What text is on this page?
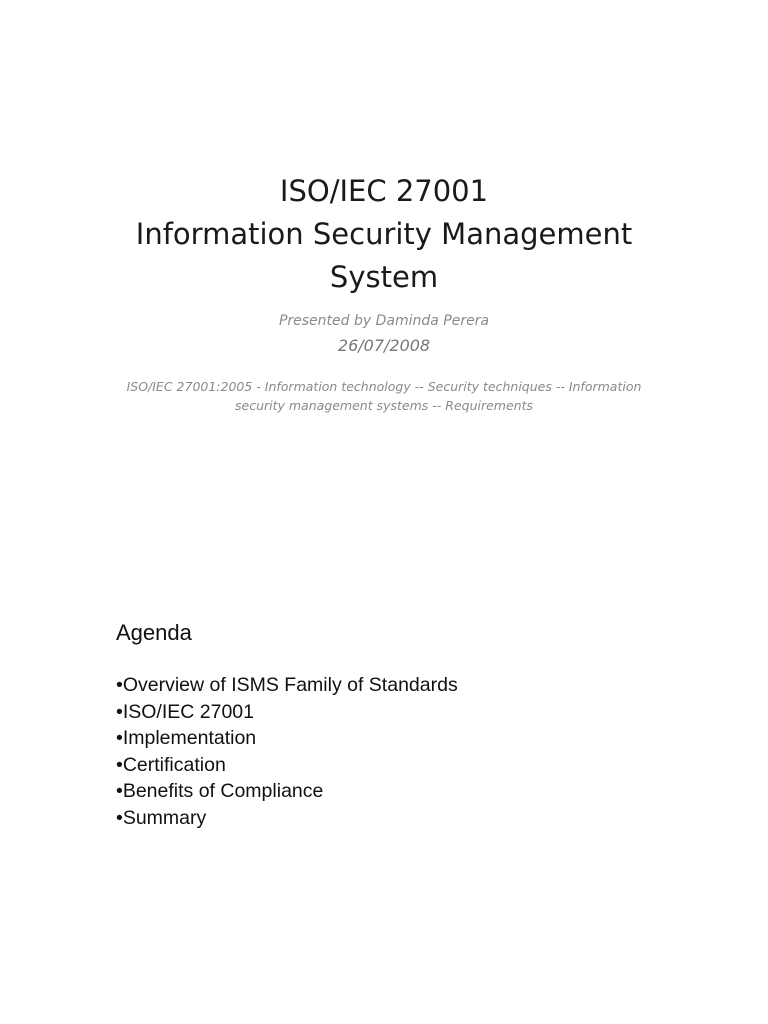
ISO/IEC 27001
Information Security Management
System
Presented by Daminda Perera
26/07/2008
ISO/IEC 27001:2005 - Information technology -- Security techniques -- Information
security management systems -- Requirements
Agenda
•Overview of ISMS Family of Standards
•ISO/IEC 27001
•Implementation
•Certification
•Benefits of Compliance
•Summary
